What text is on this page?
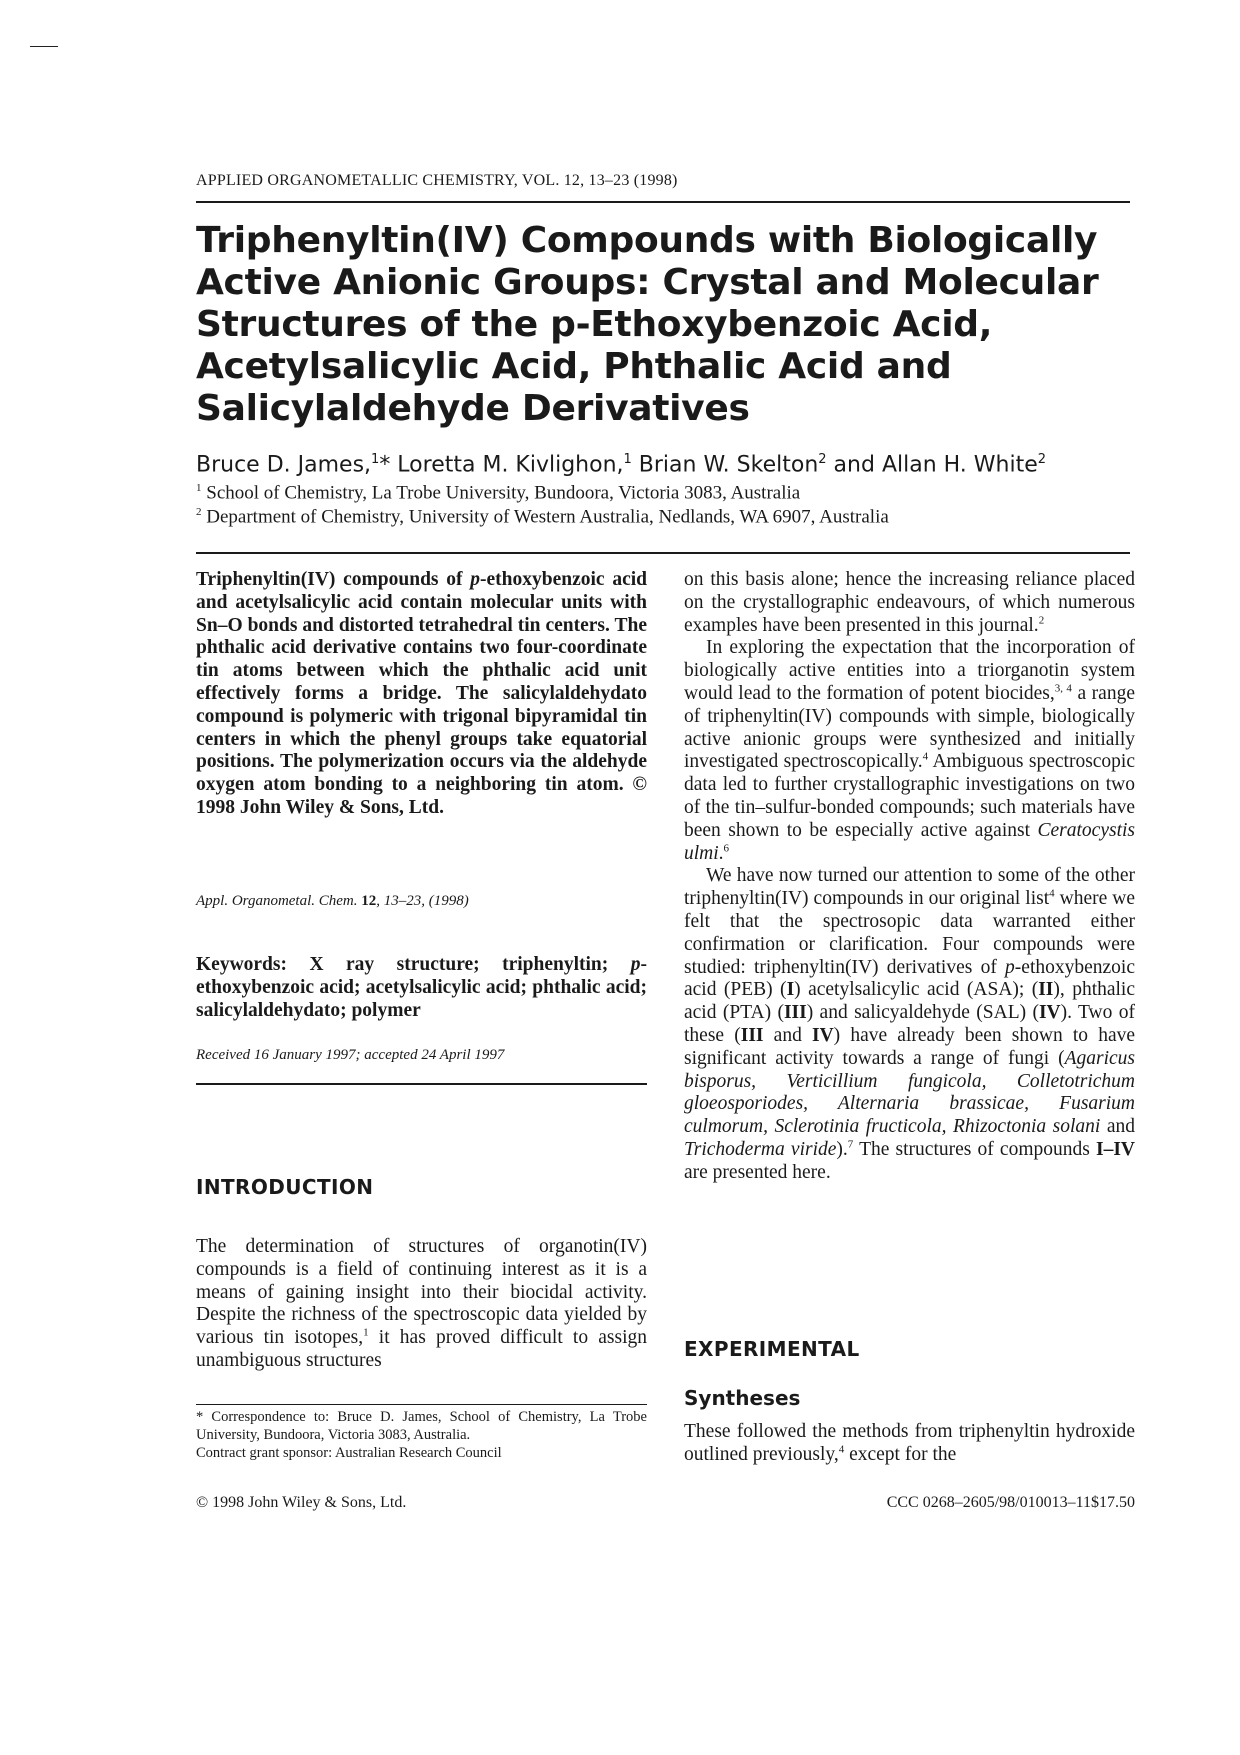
APPLIED ORGANOMETALLIC CHEMISTRY, VOL. 12, 13–23 (1998)
Triphenyltin(IV) Compounds with Biologically
Active Anionic Groups: Crystal and Molecular
Structures of the p-Ethoxybenzoic Acid,
Acetylsalicylic Acid, Phthalic Acid and
Salicylaldehyde Derivatives
Bruce D. James,$^1$* Loretta M. Kivlighon,$^1$ Brian W. Skelton$^2$ and Allan H. White$^2$
$^1$ School of Chemistry, La Trobe University, Bundoora, Victoria 3083, Australia
$^2$ Department of Chemistry, University of Western Australia, Nedlands, WA 6907, Australia
Triphenyltin(IV) compounds of p-ethoxybenzoic acid and acetylsalicylic acid contain molecular units with Sn–O bonds and distorted tetrahedral tin centers. The phthalic acid derivative contains two four-coordinate tin atoms between which the phthalic acid unit effectively forms a bridge. The salicylaldehydato compound is polymeric with trigonal bipyramidal tin centers in which the phenyl groups take equatorial positions. The polymerization occurs via the aldehyde oxygen atom bonding to a neighboring tin atom. © 1998 John Wiley & Sons, Ltd.
Appl. Organometal. Chem. 12, 13–23, (1998)
Keywords: X ray structure; triphenyltin; p-ethoxybenzoic acid; acetylsalicylic acid; phthalic acid; salicylaldehydato; polymer
Received 16 January 1997; accepted 24 April 1997
INTRODUCTION
The determination of structures of organotin(IV) compounds is a field of continuing interest as it is a means of gaining insight into their biocidal activity. Despite the richness of the spectroscopic data yielded by various tin isotopes,$^1$ it has proved difficult to assign unambiguous structures
* Correspondence to: Bruce D. James, School of Chemistry, La Trobe University, Bundoora, Victoria 3083, Australia.
Contract grant sponsor: Australian Research Council

on this basis alone; hence the increasing reliance placed on the crystallographic endeavours, of which numerous examples have been presented in this journal.$^2$

In exploring the expectation that the incorporation of biologically active entities into a triorganotin system would lead to the formation of potent biocides,$^{3, 4}$ a range of triphenyltin(IV) compounds with simple, biologically active anionic groups were synthesized and initially investigated spectroscopically.$^4$ Ambiguous spectroscopic data led to further crystallographic investigations on two of the tin–sulfur-bonded compounds; such materials have been shown to be especially active against Ceratocystis ulmi.$^6$

We have now turned our attention to some of the other triphenyltin(IV) compounds in our original list$^4$ where we felt that the spectrosopic data warranted either confirmation or clarification. Four compounds were studied: triphenyltin(IV) derivatives of p-ethoxybenzoic acid (PEB) (I) acetylsalicylic acid (ASA); (II), phthalic acid (PTA) (III) and salicyaldehyde (SAL) (IV). Two of these (III and IV) have already been shown to have significant activity towards a range of fungi (Agaricus bisporus, Verticillium fungicola, Colletotrichum gloeosporiodes, Alternaria brassicae, Fusarium culmorum, Sclerotinia fructicola, Rhizoctonia solani and Trichoderma viride).$^7$ The structures of compounds I–IV are presented here.

EXPERIMENTAL
Syntheses
These followed the methods from triphenyltin hydroxide outlined previously,$^4$ except for the
© 1998 John Wiley & Sons, Ltd.	CCC 0268–2605/98/010013–11$17.50
